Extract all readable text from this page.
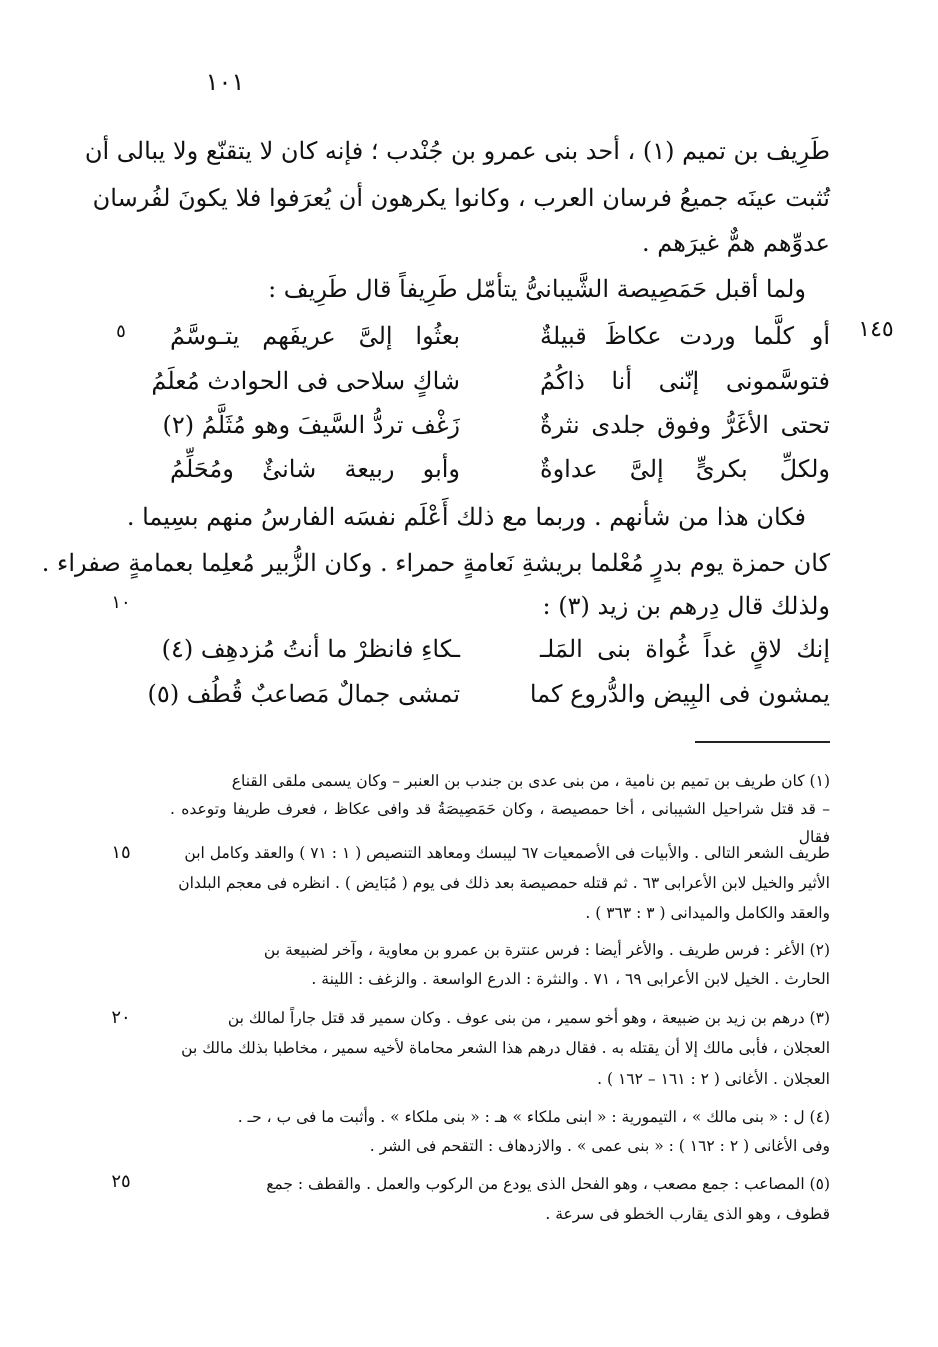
١٠١
طَرِيف بن تميم (١) ، أحد بنى عمرو بن جُنْدب ؛ فإنه كان لا يتقنّع ولا يبالى أن
تُثبت عينَه جميعُ فرسان العرب ، وكانوا يكرهون أن يُعرَفوا فلا يكونَ لفُرسان
عدوِّهم همٌّ غيرَهم .
ولما أقبل حَمَصِيصة الشَّيبانىُّ يتأمّل طَرِيفاً قال طَرِيف :
١٤٥
٥	أو كلَّما وردت عكاظَ قبيلةٌ
بعثُوا إلىَّ عريفَهم يتـوسَّمُ
فتوسَّمونى إنّنى أنا ذاكُمُ
شاكٍ سلاحى فى الحوادث مُعلَمُ
تحتى الأغَرُّ وفوق جلدى نثرةٌ
زَغْف تردُّ السَّيفَ وهو مُثَلَّمُ (٢)
ولكلِّ بكرىٍّ إلىَّ عداوةٌ
وأبو ربيعة شانئٌ ومُحَلِّمُ
فكان هذا من شأنهم . وربما مع ذلك أَعْلَم نفسَه الفارسُ منهم بسِيما .
كان حمزة يوم بدرٍ مُعْلما بريشةِ نَعامةٍ حمراء . وكان الزُّبير مُعلِما بعمامةٍ صفراء .
ولذلك قال دِرهم بن زيد (٣) :
١٠
إنك لاقٍ غداً غُواة بنى المَلـ
ـكاءِ فانظرْ ما أنتُ مُزدهِف (٤)
يمشون فى البِيض والدُّروع كما
تمشى جمالٌ مَصاعبٌ قُطُف (٥)
(١) كان طريف بن تميم بن نامية ، من بنى عدى بن جندب بن العنبر – وكان يسمى ملقى القناع
– قد قتل شراحيل الشيبانى ، أخا حمصيصة ، وكان حَمَصِيصَةُ قد وافى عكاظ ، فعرف طريفا وتوعده . فقال
طريف الشعر التالى . والأبيات فى الأصمعيات ٦٧ ليبسك ومعاهد التنصيص ( ١ : ٧١ ) والعقد وكامل ابن
١٥
الأثير والخيل لابن الأعرابى ٦٣ . ثم قتله حمصيصة بعد ذلك فى يوم ( مُبَايض ) . انظره فى معجم البلدان
والعقد والكامل والميدانى ( ٣ : ٣٦٣ ) .
(٢) الأغر : فرس طريف . والأغر أيضا : فرس عنترة بن عمرو بن معاوية ، وآخر لضبيعة بن
الحارث . الخيل لابن الأعرابى ٦٩ ، ٧١ . والنثرة : الدرع الواسعة . والزغف : اللينة .
(٣) درهم بن زيد بن ضبيعة ، وهو أخو سمير ، من بنى عوف . وكان سمير قد قتل جاراً لمالك بن
٢٠
العجلان ، فأبى مالك إلا أن يقتله به . فقال درهم هذا الشعر محاماة لأخيه سمير ، مخاطبا بذلك مالك بن
العجلان . الأغانى ( ٢ : ١٦١ – ١٦٢ ) .
(٤) ل : « بنى مالك » ، التيمورية : « ابنى ملكاء » هـ : « بنى ملكاء » . وأثبت ما فى ب ، حـ .
وفى الأغانى ( ٢ : ١٦٢ ) : « بنى عمى » . والازدهاف : التقحم فى الشر .
(٥) المصاعب : جمع مصعب ، وهو الفحل الذى يودع من الركوب والعمل . والقطف : جمع
٢٥
قطوف ، وهو الذى يقارب الخطو فى سرعة .
